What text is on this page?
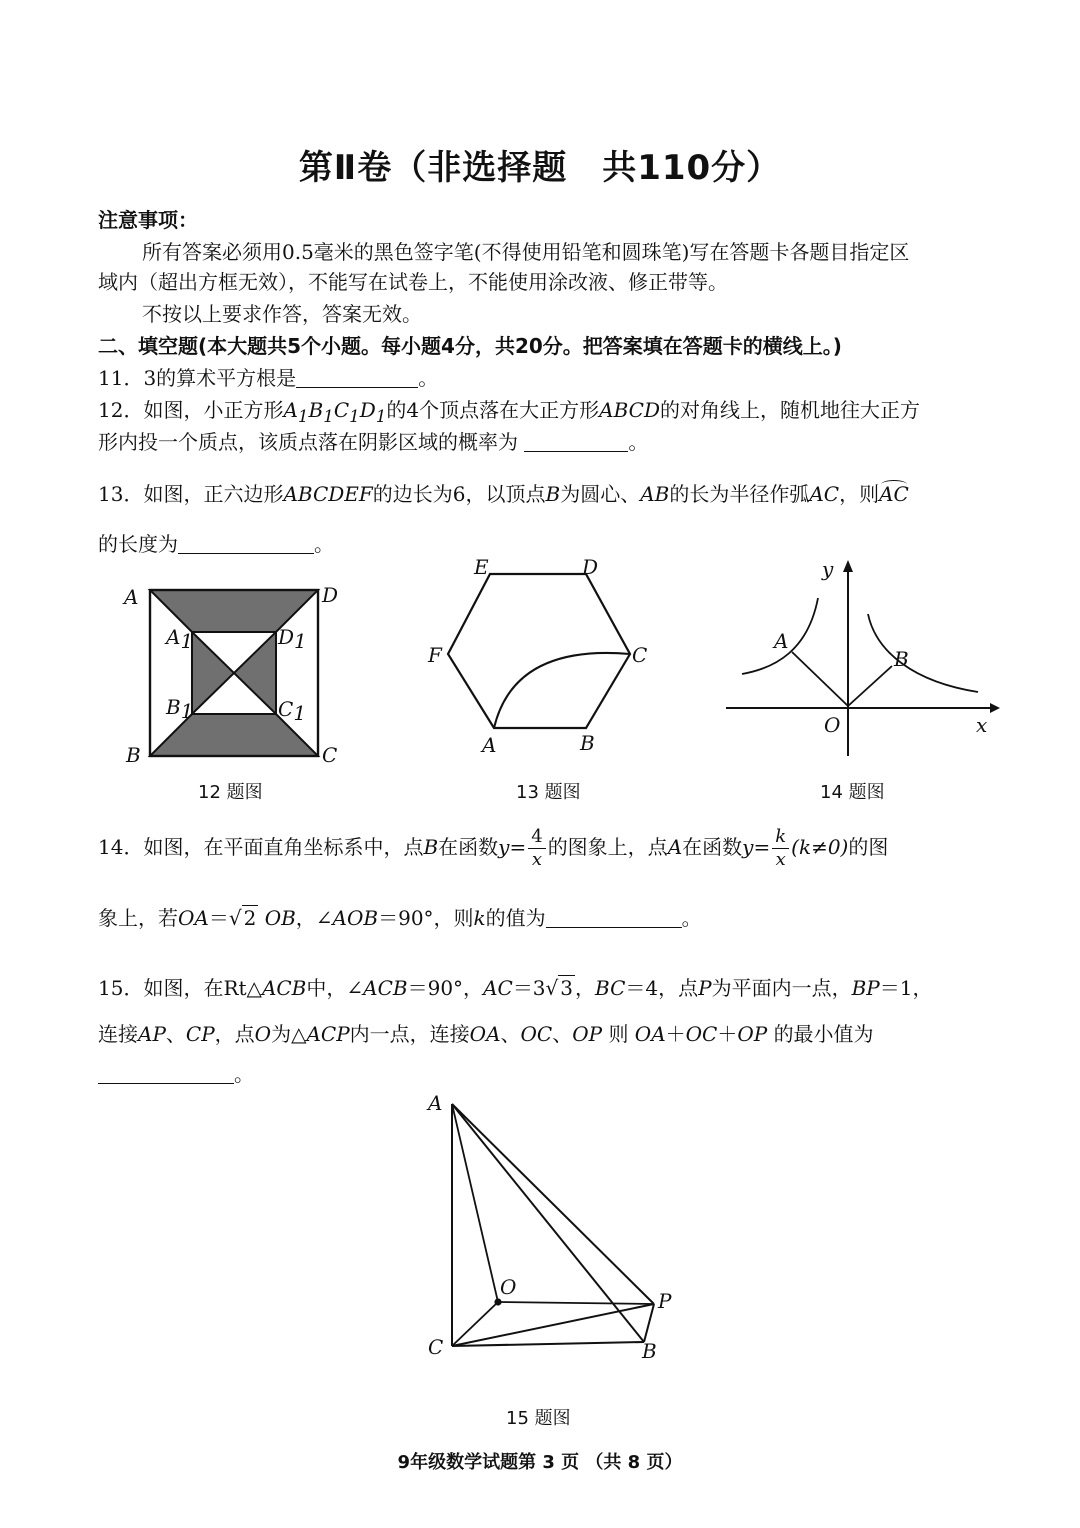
第Ⅱ卷（非选择题　共110分）
注意事项：
所有答案必须用0.5毫米的黑色签字笔(不得使用铅笔和圆珠笔)写在答题卡各题目指定区
域内（超出方框无效），不能写在试卷上，不能使用涂改液、修正带等。
不按以上要求作答，答案无效。
二、填空题(本大题共5个小题。每小题4分，共20分。把答案填在答题卡的横线上。)
11．3的算术平方根是	。
12．如图，小正方形$A_1B_1C_1D_1$的4个顶点落在大正方形ABCD的对角线上，随机地往大正方
形内投一个质点，该质点落在阴影区域的概率为	。
13．如图，正六边形ABCDEF的边长为6，以顶点B为圆心、AB的长为半径作弧AC，则AC
的长度为	。
A	D
B	C
A1	D1
B1	C1
12 题图
E	D
F	C
A	B
13 题图
y
A
B
O	x
14 题图
14．如图，在平面直角坐标系中，点B在函数$y= \frac{4}{x}$ 的图象上，点A在函数$y= \frac{k}{x} (k\ne 0)$的图
象上，若OA＝√ 2 OB，∠AOB＝90°，则k的值为	。
15．如图，在Rt△ACB中，∠ACB＝90°，AC＝3√ 3 ，BC＝4，点P为平面内一点，BP＝1，
连接AP、CP，点O为△ACP内一点，连接OA、OC、OP 则 OA＋OC＋OP 的最小值为
。
A
C	B
P
O
15 题图
9年级数学试题第 3 页 （共 8 页）
